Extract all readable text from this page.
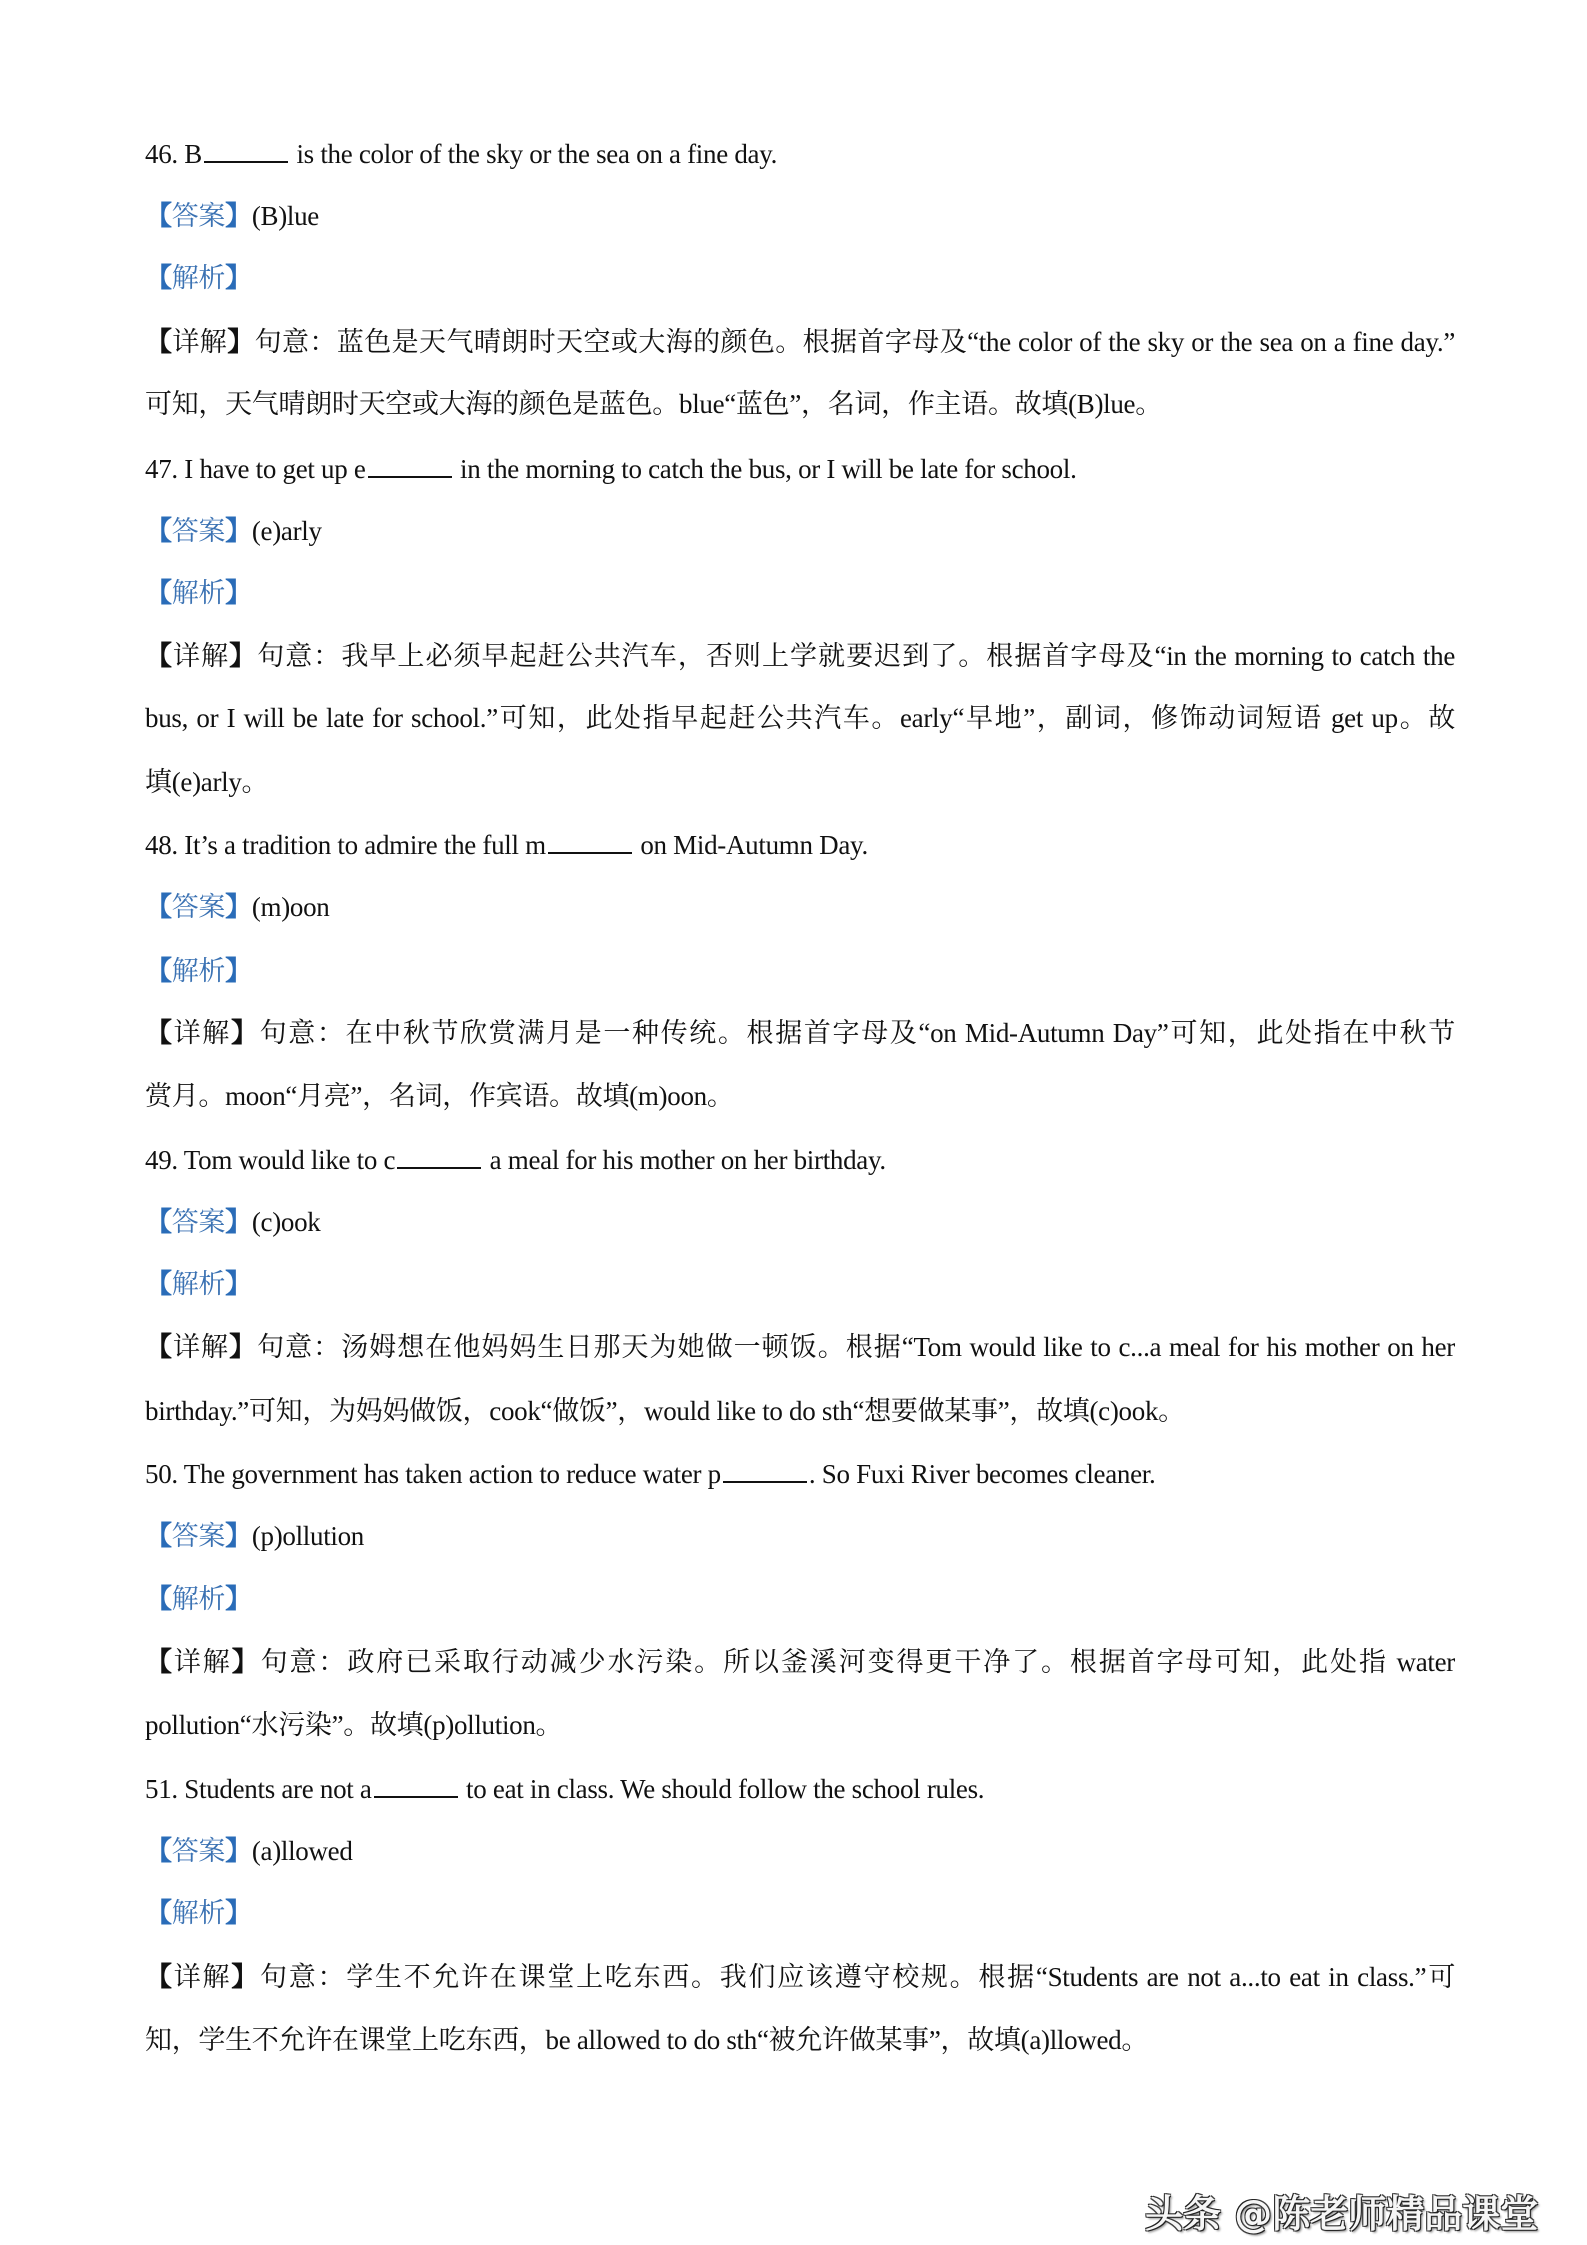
46. B	is the color of the sky or the sea on a fine day.
【答案】(B)lue
【解析】
【详解】句意：蓝色是天气晴朗时天空或大海的颜色。根据首字母及“the color of the sky or the sea on a fine day.”
可知，天气晴朗时天空或大海的颜色是蓝色。blue“蓝色”，名词，作主语。故填(B)lue。
47. I have to get up e	in the morning to catch the bus, or I will be late for school.
【答案】(e)arly
【解析】
【详解】句意：我早上必须早起赶公共汽车，否则上学就要迟到了。根据首字母及“in the morning to catch the
bus, or I will be late for school.”可知，此处指早起赶公共汽车。early“早地”，副词，修饰动词短语 get up。故
填(e)arly。
48. It’s a tradition to admire the full m	on Mid-Autumn Day.
【答案】(m)oon
【解析】
【详解】句意：在中秋节欣赏满月是一种传统。根据首字母及“on Mid-Autumn Day”可知，此处指在中秋节
赏月。moon“月亮”，名词，作宾语。故填(m)oon。
49. Tom would like to c	a meal for his mother on her birthday.
【答案】(c)ook
【解析】
【详解】句意：汤姆想在他妈妈生日那天为她做一顿饭。根据“Tom would like to c...a meal for his mother on her
birthday.”可知，为妈妈做饭，cook“做饭”，would like to do sth“想要做某事”，故填(c)ook。
50. The government has taken action to reduce water p	. So Fuxi River becomes cleaner.
【答案】(p)ollution
【解析】
【详解】句意：政府已采取行动减少水污染。所以釜溪河变得更干净了。根据首字母可知，此处指 water
pollution“水污染”。故填(p)ollution。
51. Students are not a	to eat in class. We should follow the school rules.
【答案】(a)llowed
【解析】
【详解】句意：学生不允许在课堂上吃东西。我们应该遵守校规。根据“Students are not a...to eat in class.”可
知，学生不允许在课堂上吃东西，be allowed to do sth“被允许做某事”，故填(a)llowed。
头条 @陈老师精品课堂
